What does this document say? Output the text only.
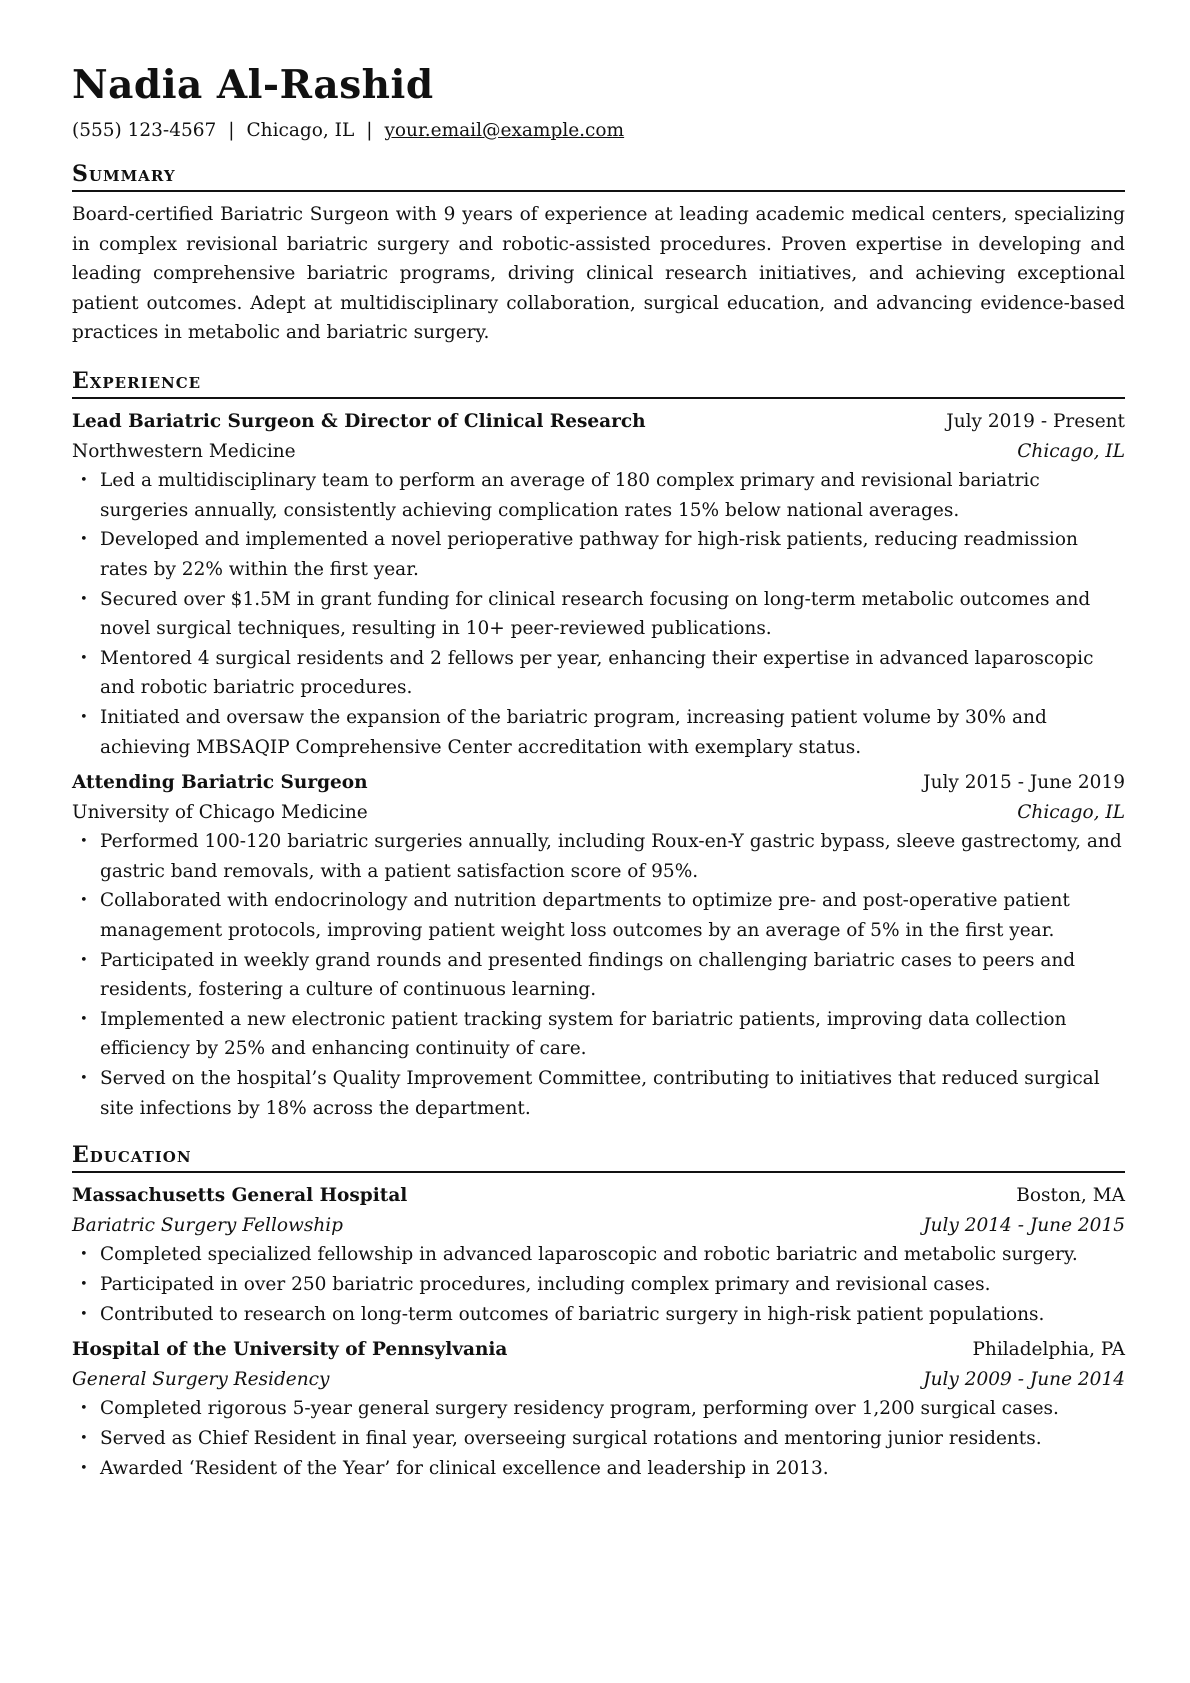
Nadia Al-Rashid
(555) 123-4567 | Chicago, IL | your.email@example.com
Summary

Board-certified Bariatric Surgeon with 9 years of experience at leading academic medical centers, specializing in complex revisional bariatric surgery and robotic-assisted procedures. Proven expertise in developing and leading comprehensive bariatric programs, driving clinical research initiatives, and achieving exceptional patient outcomes. Adept at multidisciplinary collaboration, surgical education, and advancing evidence-based practices in metabolic and bariatric surgery.

Experience
Lead Bariatric Surgeon & Director of Clinical Research	July 2019 - Present
Northwestern Medicine	Chicago, IL
• Led a multidisciplinary team to perform an average of 180 complex primary and revisional bariatric surgeries annually, consistently achieving complication rates 15% below national averages.
• Developed and implemented a novel perioperative pathway for high-risk patients, reducing readmission rates by 22% within the first year.
• Secured over $1.5M in grant funding for clinical research focusing on long-term metabolic outcomes and novel surgical techniques, resulting in 10+ peer-reviewed publications.
• Mentored 4 surgical residents and 2 fellows per year, enhancing their expertise in advanced laparoscopic and robotic bariatric procedures.
• Initiated and oversaw the expansion of the bariatric program, increasing patient volume by 30% and achieving MBSAQIP Comprehensive Center accreditation with exemplary status.
Attending Bariatric Surgeon	July 2015 - June 2019
University of Chicago Medicine	Chicago, IL
• Performed 100-120 bariatric surgeries annually, including Roux-en-Y gastric bypass, sleeve gastrectomy, and gastric band removals, with a patient satisfaction score of 95%.
• Collaborated with endocrinology and nutrition departments to optimize pre- and post-operative patient management protocols, improving patient weight loss outcomes by an average of 5% in the first year.
• Participated in weekly grand rounds and presented findings on challenging bariatric cases to peers and residents, fostering a culture of continuous learning.
• Implemented a new electronic patient tracking system for bariatric patients, improving data collection efficiency by 25% and enhancing continuity of care.
• Served on the hospital’s Quality Improvement Committee, contributing to initiatives that reduced surgical site infections by 18% across the department.
Education
Massachusetts General Hospital	Boston, MA
Bariatric Surgery Fellowship	July 2014 - June 2015
• Completed specialized fellowship in advanced laparoscopic and robotic bariatric and metabolic surgery.
• Participated in over 250 bariatric procedures, including complex primary and revisional cases.
• Contributed to research on long-term outcomes of bariatric surgery in high-risk patient populations.
Hospital of the University of Pennsylvania	Philadelphia, PA
General Surgery Residency	July 2009 - June 2014
• Completed rigorous 5-year general surgery residency program, performing over 1,200 surgical cases.
• Served as Chief Resident in final year, overseeing surgical rotations and mentoring junior residents.
• Awarded ‘Resident of the Year’ for clinical excellence and leadership in 2013.
